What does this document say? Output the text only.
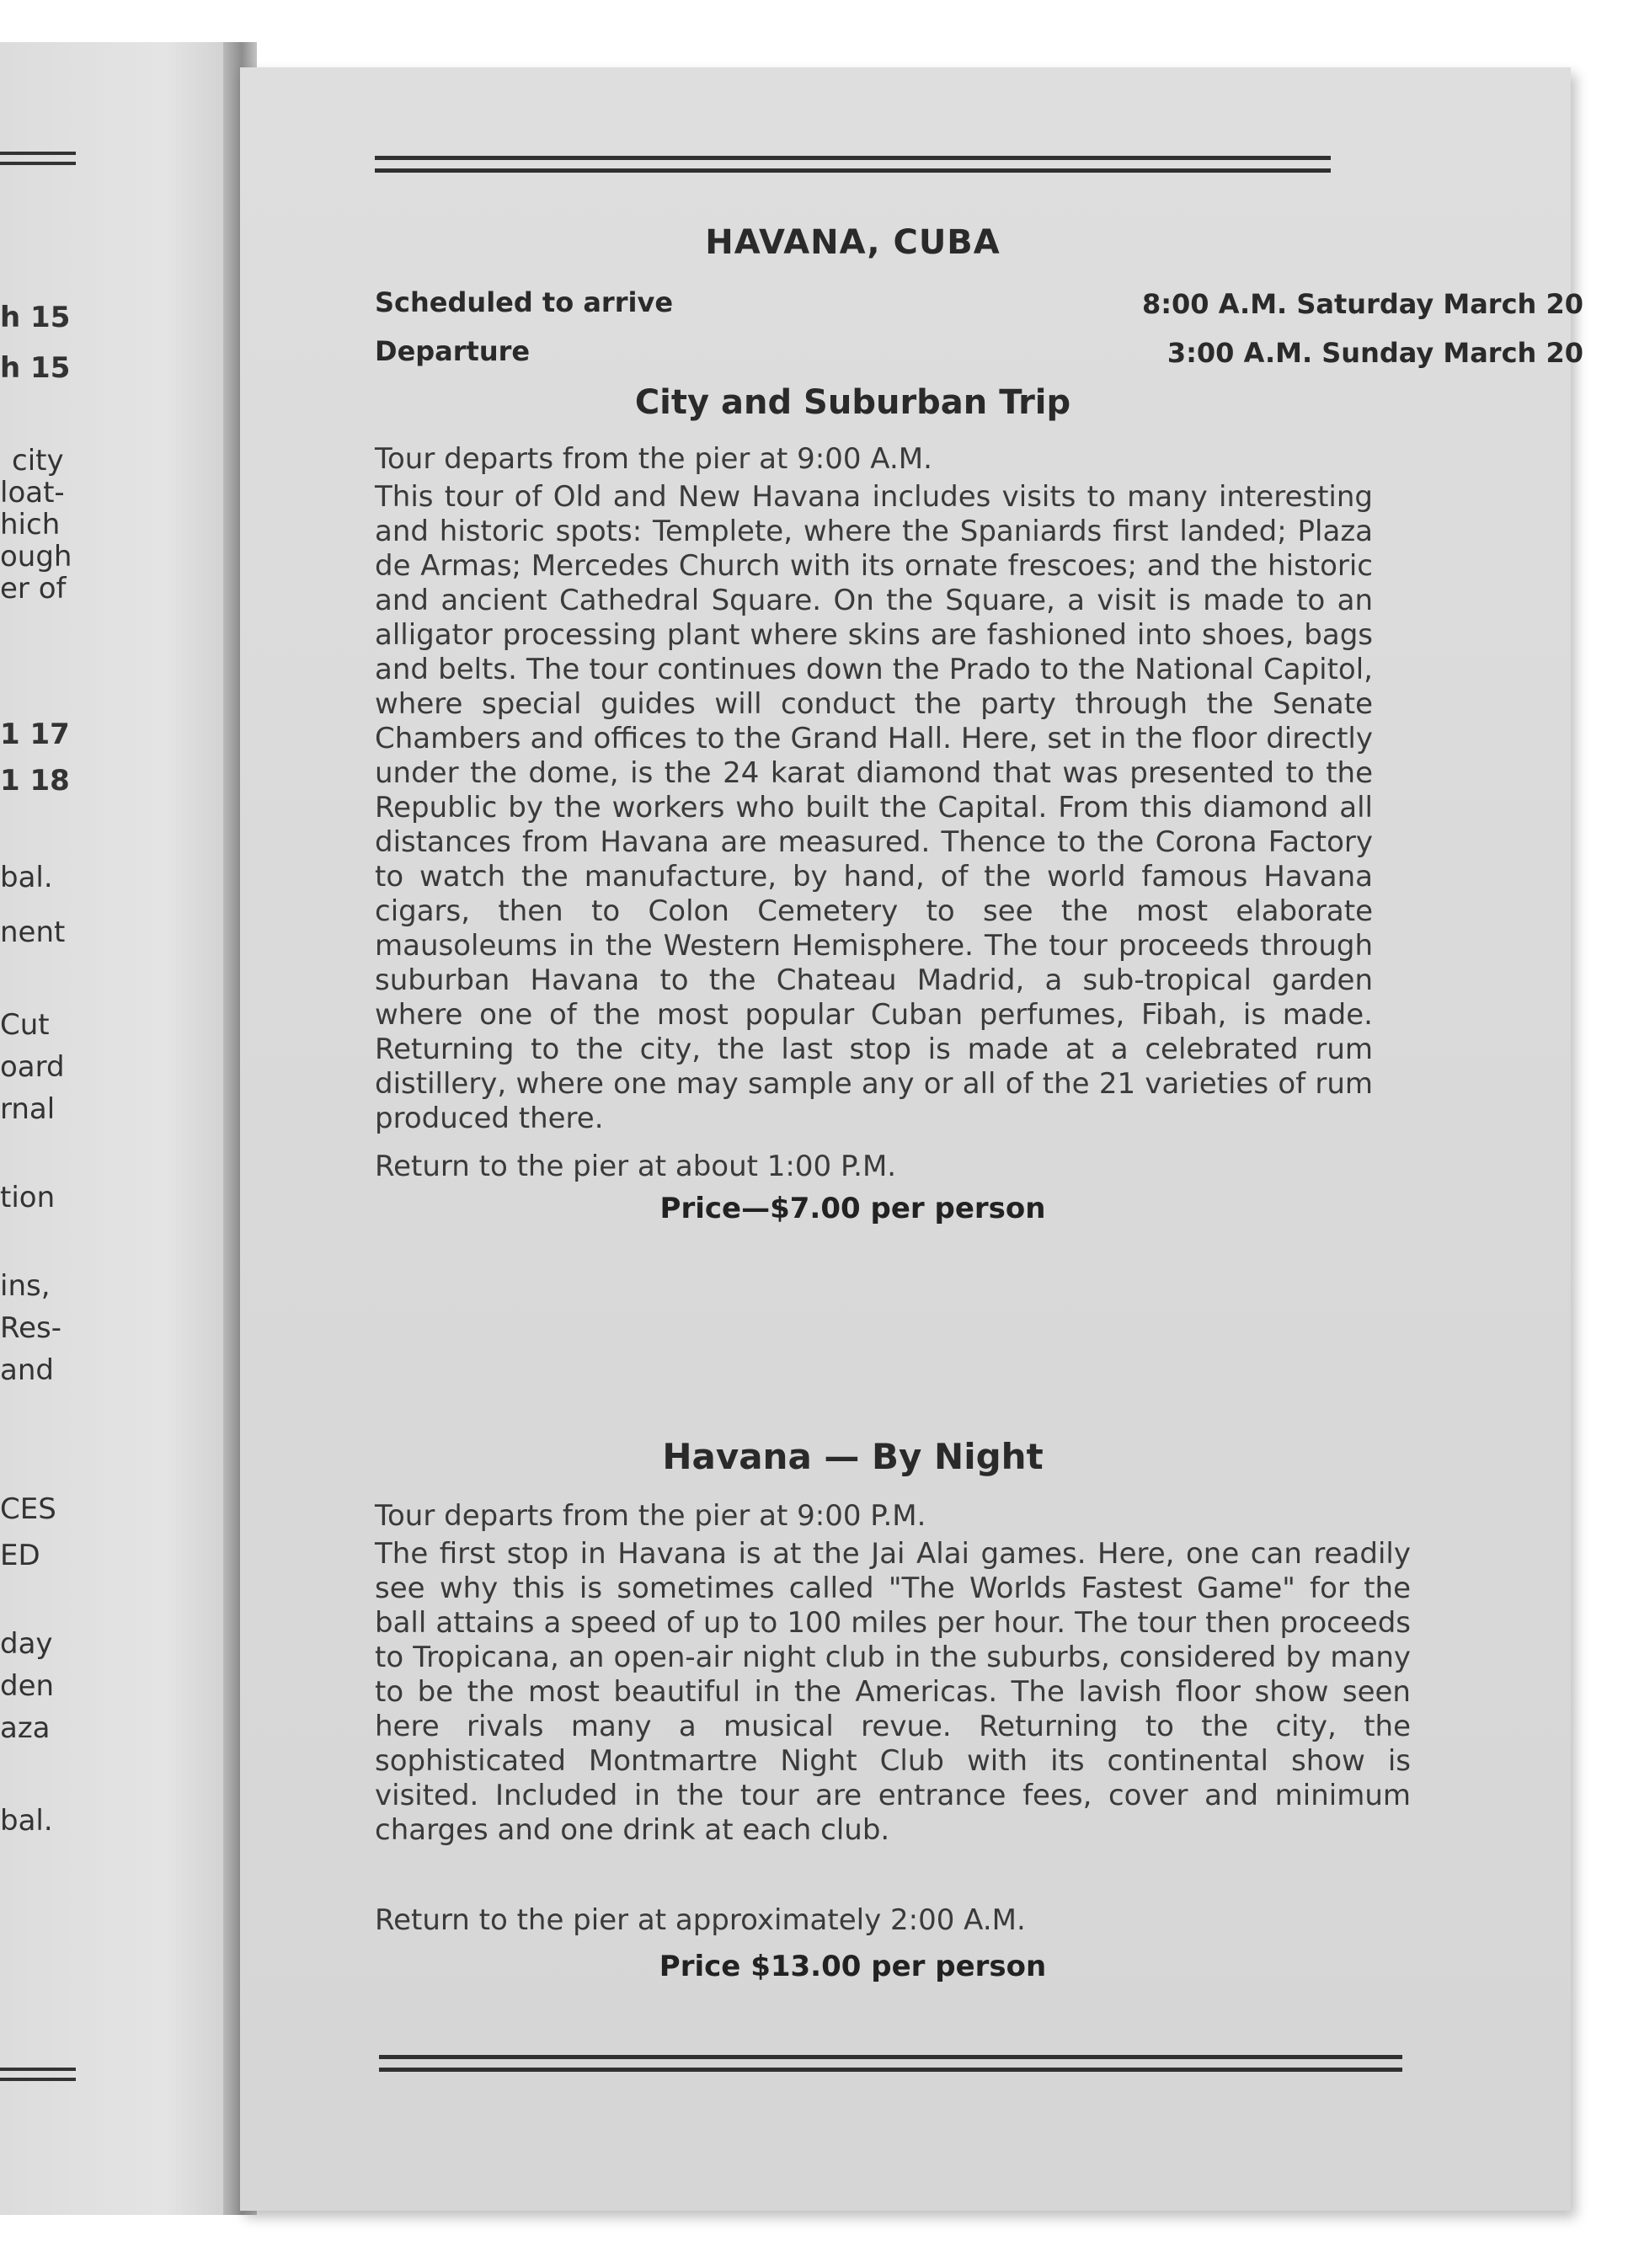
h 15
h 15
city
loat-
hich
ough
er of
1 17
1 18
bal.
nent
Cut
oard
rnal
tion
ins,
Res-
and
CES
ED
day
den
aza
bal.
HAVANA, CUBA
Scheduled to arrive	8:00 A.M. Saturday March 20
Departure	3:00 A.M. Sunday March 20
City and Suburban Trip
Tour departs from the pier at 9:00 A.M.
This tour of Old and New Havana includes visits to many interesting and historic spots: Templete, where the Spaniards first landed; Plaza de Armas; Mercedes Church with its ornate frescoes; and the historic and ancient Cathedral Square. On the Square, a visit is made to an alligator processing plant where skins are fashioned into shoes, bags and belts. The tour continues down the Prado to the National Capitol, where special guides will conduct the party through the Senate Chambers and offices to the Grand Hall. Here, set in the floor directly under the dome, is the 24 karat diamond that was presented to the Republic by the workers who built the Capital. From this diamond all distances from Havana are measured. Thence to the Corona Factory to watch the manufacture, by hand, of the world famous Havana cigars, then to Colon Cemetery to see the most elaborate mausoleums in the Western Hemisphere. The tour proceeds through suburban Havana to the Chateau Madrid, a sub-tropical garden where one of the most popular Cuban perfumes, Fibah, is made. Returning to the city, the last stop is made at a celebrated rum distillery, where one may sample any or all of the 21 varieties of rum produced there.
Return to the pier at about 1:00 P.M.
Price—$7.00 per person
Havana — By Night
Tour departs from the pier at 9:00 P.M.
The first stop in Havana is at the Jai Alai games. Here, one can readily see why this is sometimes called "The Worlds Fastest Game" for the ball attains a speed of up to 100 miles per hour. The tour then proceeds to Tropicana, an open-air night club in the suburbs, considered by many to be the most beautiful in the Americas. The lavish floor show seen here rivals many a musical revue. Returning to the city, the sophisticated Montmartre Night Club with its continental show is visited. Included in the tour are entrance fees, cover and minimum charges and one drink at each club.
Return to the pier at approximately 2:00 A.M.
Price $13.00 per person
